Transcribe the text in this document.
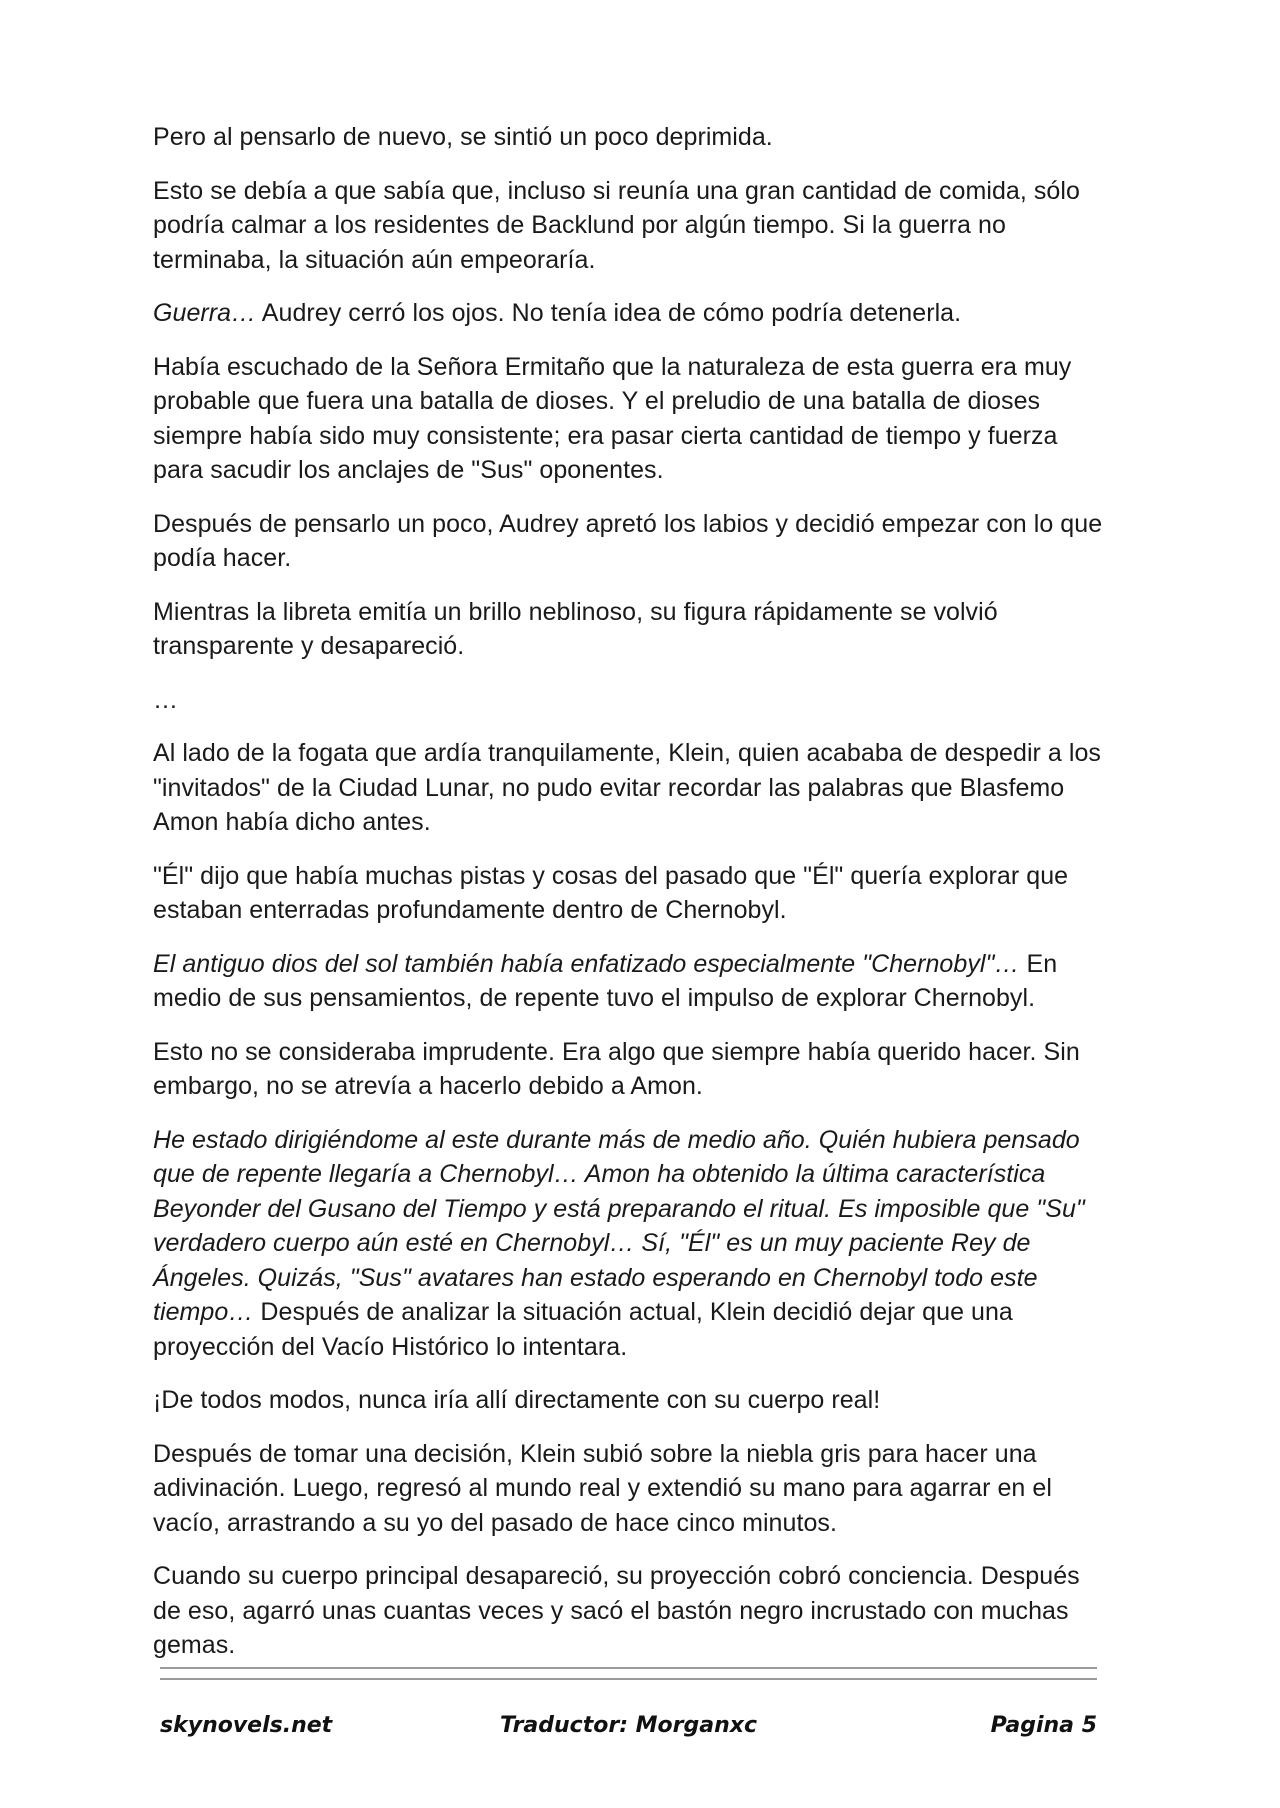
Pero al pensarlo de nuevo, se sintió un poco deprimida.

Esto se debía a que sabía que, incluso si reunía una gran cantidad de comida, sólo podría calmar a los residentes de Backlund por algún tiempo. Si la guerra no terminaba, la situación aún empeoraría.

Guerra… Audrey cerró los ojos. No tenía idea de cómo podría detenerla.

Había escuchado de la Señora Ermitaño que la naturaleza de esta guerra era muy probable que fuera una batalla de dioses. Y el preludio de una batalla de dioses siempre había sido muy consistente; era pasar cierta cantidad de tiempo y fuerza para sacudir los anclajes de "Sus" oponentes.

Después de pensarlo un poco, Audrey apretó los labios y decidió empezar con lo que podía hacer.

Mientras la libreta emitía un brillo neblinoso, su figura rápidamente se volvió transparente y desapareció.

…

Al lado de la fogata que ardía tranquilamente, Klein, quien acababa de despedir a los "invitados" de la Ciudad Lunar, no pudo evitar recordar las palabras que Blasfemo Amon había dicho antes.

"Él" dijo que había muchas pistas y cosas del pasado que "Él" quería explorar que estaban enterradas profundamente dentro de Chernobyl.

El antiguo dios del sol también había enfatizado especialmente "Chernobyl"… En medio de sus pensamientos, de repente tuvo el impulso de explorar Chernobyl.

Esto no se consideraba imprudente. Era algo que siempre había querido hacer. Sin embargo, no se atrevía a hacerlo debido a Amon.

He estado dirigiéndome al este durante más de medio año. Quién hubiera pensado que de repente llegaría a Chernobyl… Amon ha obtenido la última característica Beyonder del Gusano del Tiempo y está preparando el ritual. Es imposible que "Su" verdadero cuerpo aún esté en Chernobyl… Sí, "Él" es un muy paciente Rey de Ángeles. Quizás, "Sus" avatares han estado esperando en Chernobyl todo este tiempo… Después de analizar la situación actual, Klein decidió dejar que una proyección del Vacío Histórico lo intentara.

¡De todos modos, nunca iría allí directamente con su cuerpo real!

Después de tomar una decisión, Klein subió sobre la niebla gris para hacer una adivinación. Luego, regresó al mundo real y extendió su mano para agarrar en el vacío, arrastrando a su yo del pasado de hace cinco minutos.

Cuando su cuerpo principal desapareció, su proyección cobró conciencia. Después de eso, agarró unas cuantas veces y sacó el bastón negro incrustado con muchas gemas.

skynovels.net	Traductor: Morganxc	Pagina 5
